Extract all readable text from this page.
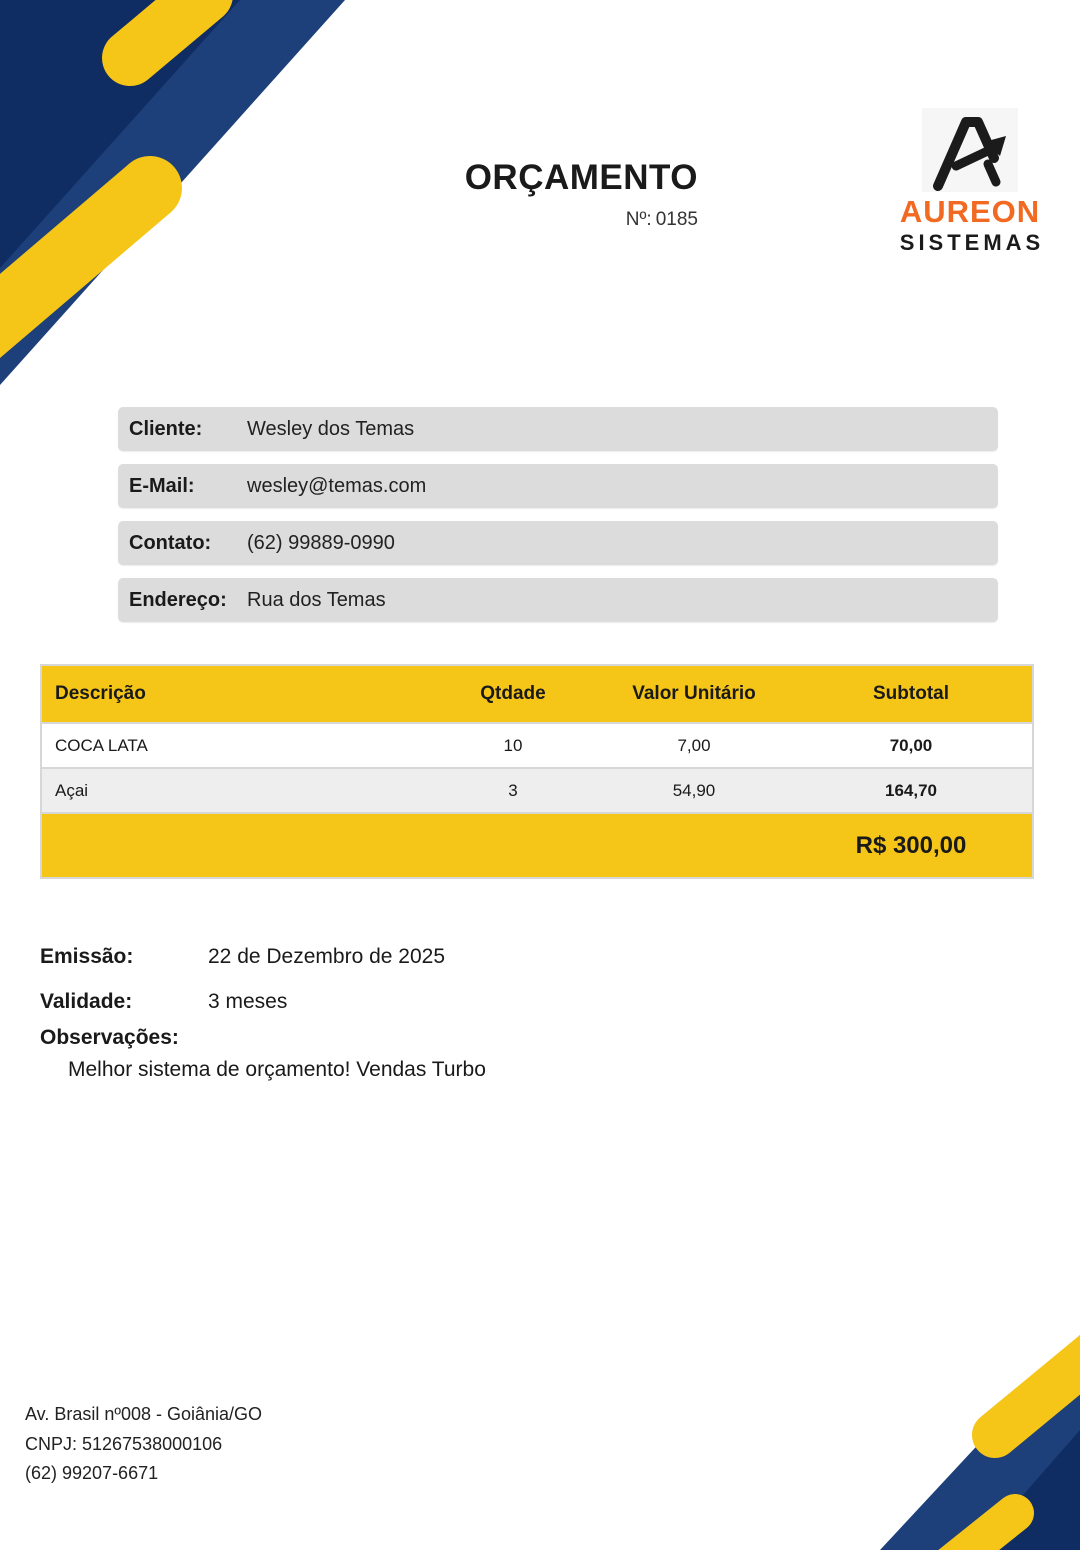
ORÇAMENTO
Nº: 0185	AUREON
SISTEMAS
Cliente:	Wesley dos Temas
E-Mail:	wesley@temas.com
Contato:	(62) 99889-0990
Endereço:	Rua dos Temas
Descrição	Qtdade	Valor Unitário	Subtotal
COCA LATA	10	7,00	70,00
Açai	3	54,90	164,70
R$ 300,00
Emissão:	22 de Dezembro de 2025
Validade:	3 meses
Observações:
Melhor sistema de orçamento! Vendas Turbo
Av. Brasil nº008 - Goiânia/GO
CNPJ: 51267538000106
(62) 99207-6671
